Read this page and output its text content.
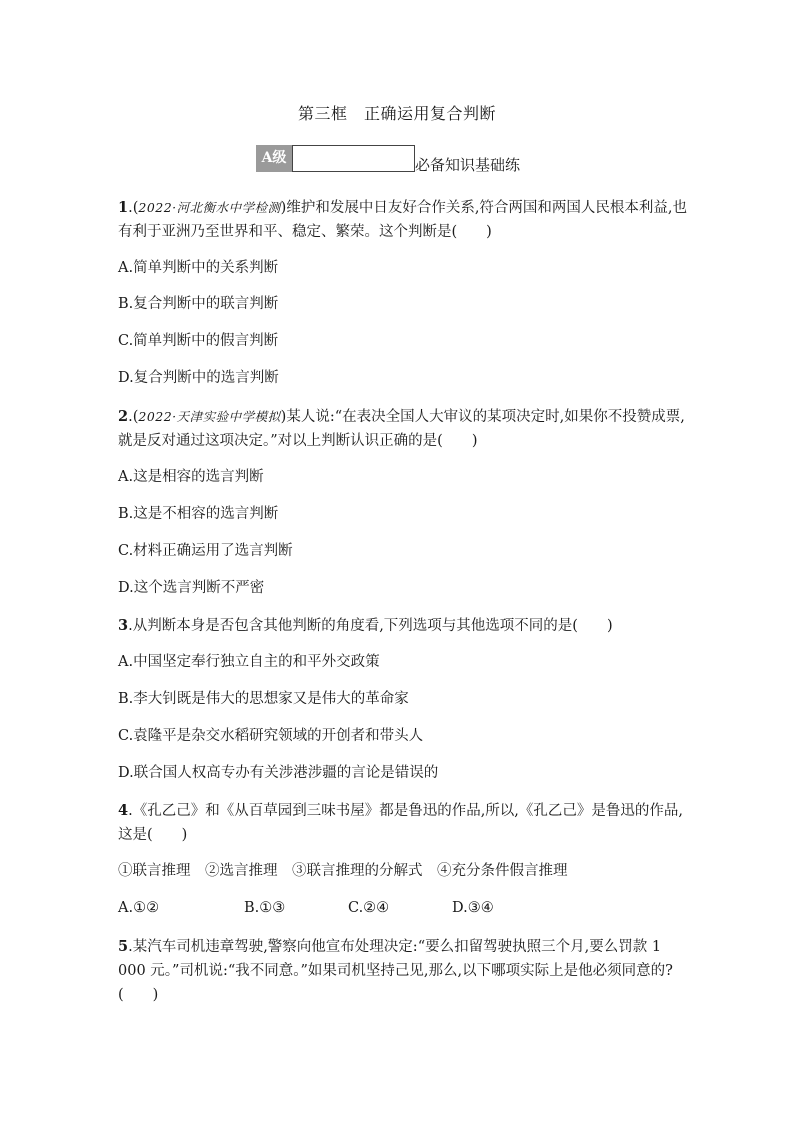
第三框　正确运用复合判断
A级	必备知识基础练
1.(2022·河北衡水中学检测)维护和发展中日友好合作关系,符合两国和两国人民根本利益,也有利于亚洲乃至世界和平、稳定、繁荣。这个判断是(　　)
A.简单判断中的关系判断
B.复合判断中的联言判断
C.简单判断中的假言判断
D.复合判断中的选言判断
2.(2022·天津实验中学模拟)某人说:“在表决全国人大审议的某项决定时,如果你不投赞成票,就是反对通过这项决定。”对以上判断认识正确的是(　　)
A.这是相容的选言判断
B.这是不相容的选言判断
C.材料正确运用了选言判断
D.这个选言判断不严密
3.从判断本身是否包含其他判断的角度看,下列选项与其他选项不同的是(　　)
A.中国坚定奉行独立自主的和平外交政策
B.李大钊既是伟大的思想家又是伟大的革命家
C.袁隆平是杂交水稻研究领域的开创者和带头人
D.联合国人权高专办有关涉港涉疆的言论是错误的
4.《孔乙己》和《从百草园到三味书屋》都是鲁迅的作品,所以,《孔乙己》是鲁迅的作品,这是(　　)
①联言推理　②选言推理　③联言推理的分解式　④充分条件假言推理
A.①②	B.①③	C.②④	D.③④
5.某汽车司机违章驾驶,警察向他宣布处理决定:“要么扣留驾驶执照三个月,要么罚款 1 000 元。”司机说:“我不同意。”如果司机坚持己见,那么,以下哪项实际上是他必须同意的?(　　)
